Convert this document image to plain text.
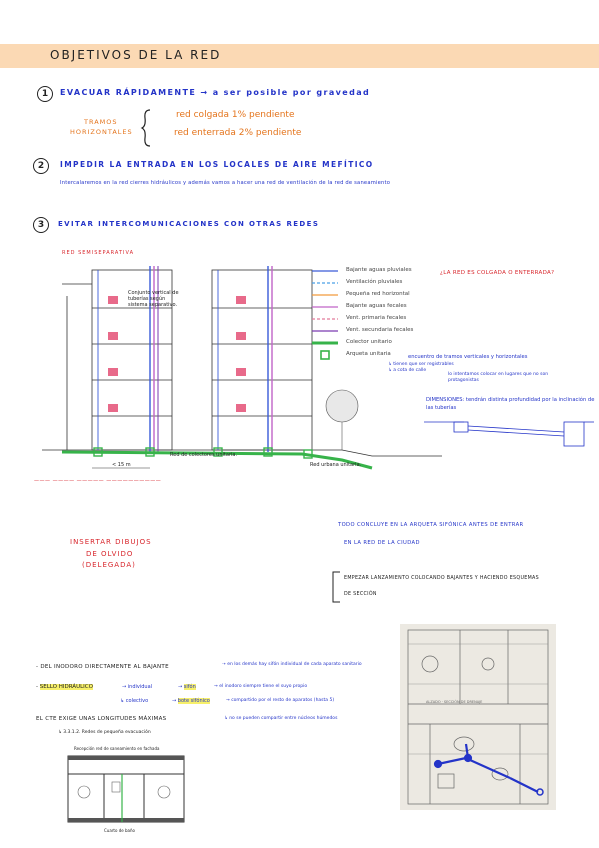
OBJETIVOS DE LA RED
1	EVACUAR RÁPIDAMENTE → a ser posible por gravedad
TRAMOS
HORIZONTALES
red colgada 1% pendiente
red enterrada 2% pendiente
2	IMPEDIR LA ENTRADA EN LOS LOCALES DE AIRE MEFÍTICO
Intercalaremos en la red cierres hidráulicos y además vamos a hacer una red de ventilación de la red de saneamiento
3	EVITAR INTERCOMUNICACIONES CON OTRAS REDES
RED SEMISEPARATIVA
Conjunto vertical de tuberías según sistema separativo.
Red de colectores unitaria.
Red urbana unitaria.
< 15 m
——— ———— ————— ——————————
Bajante aguas pluviales
Ventilación pluviales
Pequeña red horizontal
Bajante aguas fecales
Vent. primaria fecales
Vent. secundaria fecales
Colector unitario
Arqueta unitaria
¿LA RED ES COLGADA O ENTERRADA?
encuentro de tramos verticales y horizontales
↳ tienen que ser registrables
↳ a cota de calle
lo intentamos colocar en lugares que no son protagonistas
DIMENSIONES: tendrán distinta profundidad por la inclinación de las tuberías
INSERTAR DIBUJOS
DE OLVIDO
(DELEGADA)
TODO CONCLUYE EN LA ARQUETA SIFÓNICA ANTES DE ENTRAR
EN LA RED DE LA CIUDAD
EMPEZAR LANZAMIENTO COLOCANDO BAJANTES Y HACIENDO ESQUEMAS
DE SECCIÓN
- DEL INODORO DIRECTAMENTE AL BAJANTE	⇢ en los demás hay sifón individual de cada aparato sanitario
- SELLO HIDRÁULICO	→ individual	→ sifón	→ el inodoro siempre tiene el suyo propio
↳ colectivo	→ bote sifónico	→ compartido por el resto de aparatos (hasta 5)
↳ no se pueden compartir entre núcleos húmedos
EL CTE EXIGE UNAS LONGITUDES MÁXIMAS
↳ 3.3.1.2. Redes de pequeña evacuación
Recepción red de saneamiento en fachada
Cuarto de baño
ALZADO · SECCIÓN DE DRENAJE
